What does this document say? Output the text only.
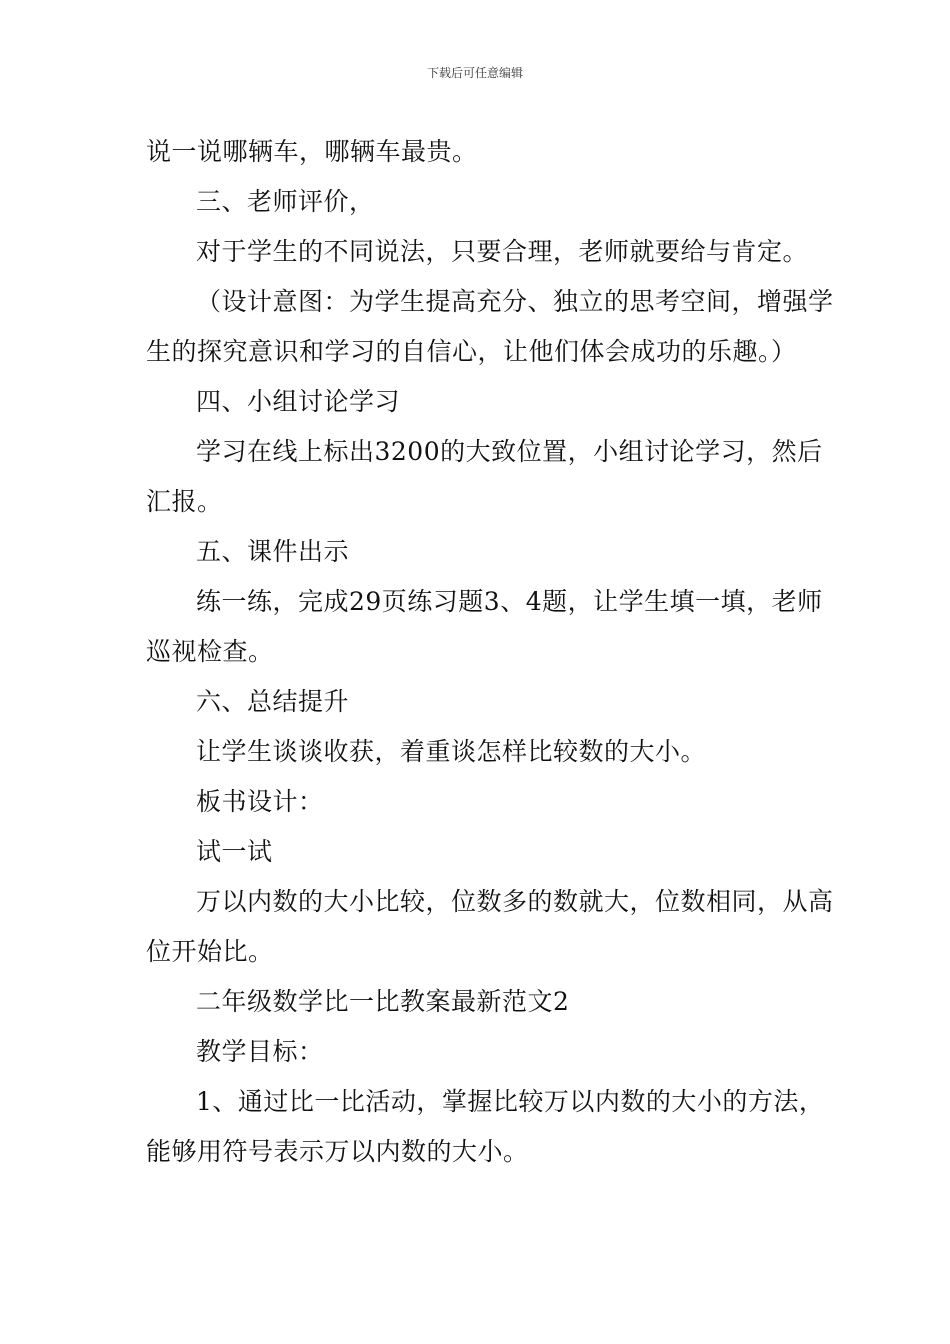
下载后可任意编辑

说一说哪辆车，哪辆车最贵。

三、老师评价，

对于学生的不同说法，只要合理，老师就要给与肯定。

（设计意图：为学生提高充分、独立的思考空间，增强学生的探究意识和学习的自信心，让他们体会成功的乐趣。）

四、小组讨论学习

学习在线上标出3200的大致位置，小组讨论学习，然后汇报。

五、课件出示

练一练，完成29页练习题3、4题，让学生填一填，老师巡视检查。

六、总结提升

让学生谈谈收获，着重谈怎样比较数的大小。

板书设计：

试一试

万以内数的大小比较，位数多的数就大，位数相同，从高位开始比。

二年级数学比一比教案最新范文2

教学目标：

1、通过比一比活动，掌握比较万以内数的大小的方法，能够用符号表示万以内数的大小。
